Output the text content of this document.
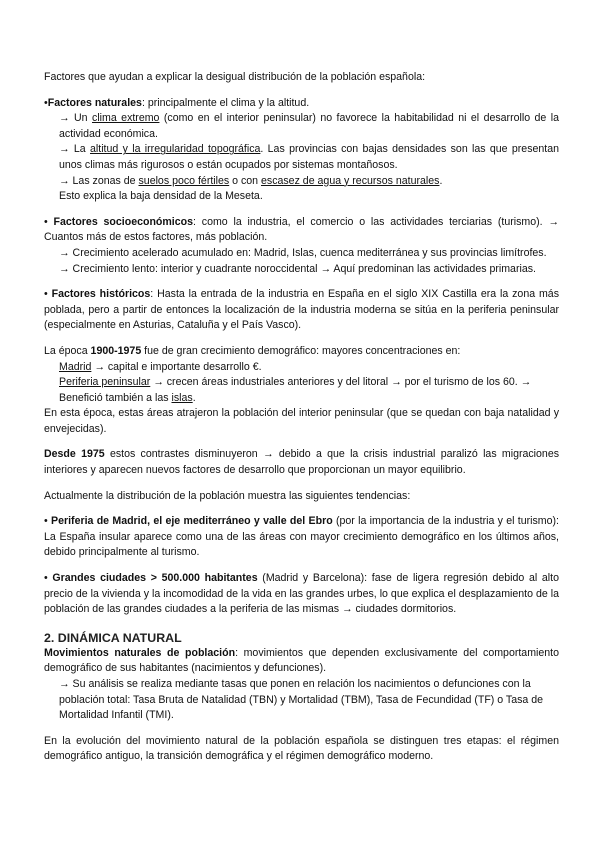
Factores que ayudan a explicar la desigual distribución de la población española:

•Factores naturales: principalmente el clima y la altitud.

→ Un clima extremo (como en el interior peninsular) no favorece la habitabilidad ni el desarrollo de la actividad económica.

→ La altitud y la irregularidad topográfica. Las provincias con bajas densidades son las que presentan unos climas más rigurosos o están ocupados por sistemas montañosos.

→ Las zonas de suelos poco fértiles o con escasez de agua y recursos naturales.

Esto explica la baja densidad de la Meseta.

• Factores socioeconómicos: como la industria, el comercio o las actividades terciarias (turismo). → Cuantos más de estos factores, más población.

→ Crecimiento acelerado acumulado en: Madrid, Islas, cuenca mediterránea y sus provincias limítrofes.

→ Crecimiento lento: interior y cuadrante noroccidental → Aquí predominan las actividades primarias.

• Factores históricos: Hasta la entrada de la industria en España en el siglo XIX Castilla era la zona más poblada, pero a partir de entonces la localización de la industria moderna se sitúa en la periferia peninsular (especialmente en Asturias, Cataluña y el País Vasco).

La época 1900-1975 fue de gran crecimiento demográfico: mayores concentraciones en:

Madrid → capital e importante desarrollo €.

Periferia peninsular → crecen áreas industriales anteriores y del litoral → por el turismo de los 60. →

Benefició también a las islas.

En esta época, estas áreas atrajeron la población del interior peninsular (que se quedan con baja natalidad y envejecidas).

Desde 1975 estos contrastes disminuyeron → debido a que la crisis industrial paralizó las migraciones interiores y aparecen nuevos factores de desarrollo que proporcionan un mayor equilibrio.

Actualmente la distribución de la población muestra las siguientes tendencias:

• Periferia de Madrid, el eje mediterráneo y valle del Ebro (por la importancia de la industria y el turismo): La España insular aparece como una de las áreas con mayor crecimiento demográfico en los últimos años, debido principalmente al turismo.

• Grandes ciudades > 500.000 habitantes (Madrid y Barcelona): fase de ligera regresión debido al alto precio de la vivienda y la incomodidad de la vida en las grandes urbes, lo que explica el desplazamiento de la población de las grandes ciudades a la periferia de las mismas → ciudades dormitorios.

2. DINÁMICA NATURAL

Movimientos naturales de población: movimientos que dependen exclusivamente del comportamiento demográfico de sus habitantes (nacimientos y defunciones).

→ Su análisis se realiza mediante tasas que ponen en relación los nacimientos o defunciones con la población total: Tasa Bruta de Natalidad (TBN) y Mortalidad (TBM), Tasa de Fecundidad (TF) o Tasa de Mortalidad Infantil (TMI).

En la evolución del movimiento natural de la población española se distinguen tres etapas: el régimen demográfico antiguo, la transición demográfica y el régimen demográfico moderno.
